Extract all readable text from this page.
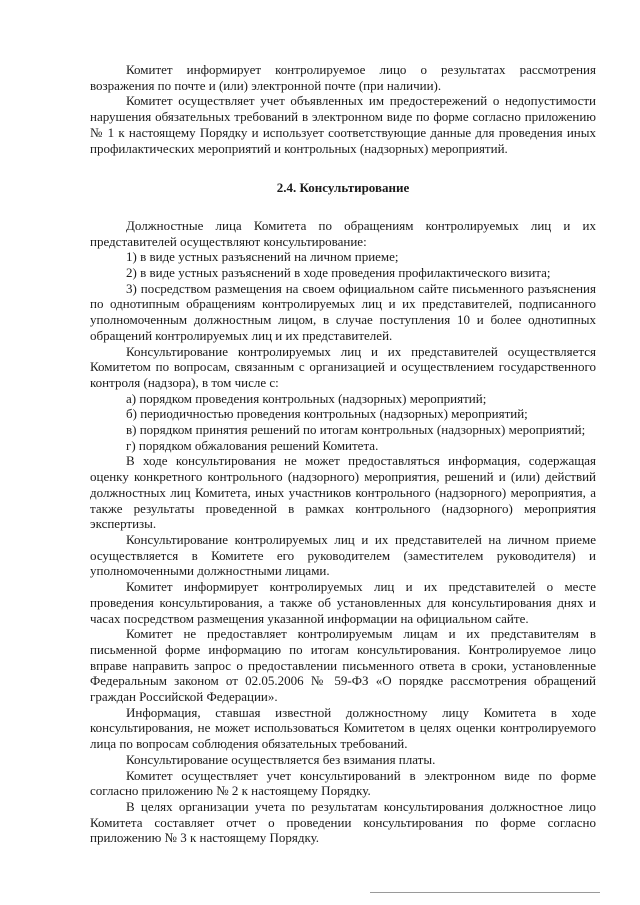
Комитет информирует контролируемое лицо о результатах рассмотрения возражения по почте и (или) электронной почте (при наличии).

Комитет осуществляет учет объявленных им предостережений о недопустимости нарушения обязательных требований в электронном виде по форме согласно приложению № 1 к настоящему Порядку и использует соответствующие данные для проведения иных профилактических мероприятий и контрольных (надзорных) мероприятий.

2.4. Консультирование

Должностные лица Комитета по обращениям контролируемых лиц и их представителей осуществляют консультирование:

1) в виде устных разъяснений на личном приеме;

2) в виде устных разъяснений в ходе проведения профилактического визита;

3) посредством размещения на своем официальном сайте письменного разъяснения по однотипным обращениям контролируемых лиц и их представителей, подписанного уполномоченным должностным лицом, в случае поступления 10 и более однотипных обращений контролируемых лиц и их представителей.

Консультирование контролируемых лиц и их представителей осуществляется Комитетом по вопросам, связанным с организацией и осуществлением государственного контроля (надзора), в том числе с:

а) порядком проведения контрольных (надзорных) мероприятий;

б) периодичностью проведения контрольных (надзорных) мероприятий;

в) порядком принятия решений по итогам контрольных (надзорных) мероприятий;

г) порядком обжалования решений Комитета.

В ходе консультирования не может предоставляться информация, содержащая оценку конкретного контрольного (надзорного) мероприятия, решений и (или) действий должностных лиц Комитета, иных участников контрольного (надзорного) мероприятия, а также результаты проведенной в рамках контрольного (надзорного) мероприятия экспертизы.

Консультирование контролируемых лиц и их представителей на личном приеме осуществляется в Комитете его руководителем (заместителем руководителя) и уполномоченными должностными лицами.

Комитет информирует контролируемых лиц и их представителей о месте проведения консультирования, а также об установленных для консультирования днях и часах посредством размещения указанной информации на официальном сайте.

Комитет не предоставляет контролируемым лицам и их представителям в письменной форме информацию по итогам консультирования. Контролируемое лицо вправе направить запрос о предоставлении письменного ответа в сроки, установленные Федеральным законом от 02.05.2006 № 59-ФЗ «О порядке рассмотрения обращений граждан Российской Федерации».

Информация, ставшая известной должностному лицу Комитета в ходе консультирования, не может использоваться Комитетом в целях оценки контролируемого лица по вопросам соблюдения обязательных требований.

Консультирование осуществляется без взимания платы.

Комитет осуществляет учет консультирований в электронном виде по форме согласно приложению № 2 к настоящему Порядку.

В целях организации учета по результатам консультирования должностное лицо Комитета составляет отчет о проведении консультирования по форме согласно приложению № 3 к настоящему Порядку.
